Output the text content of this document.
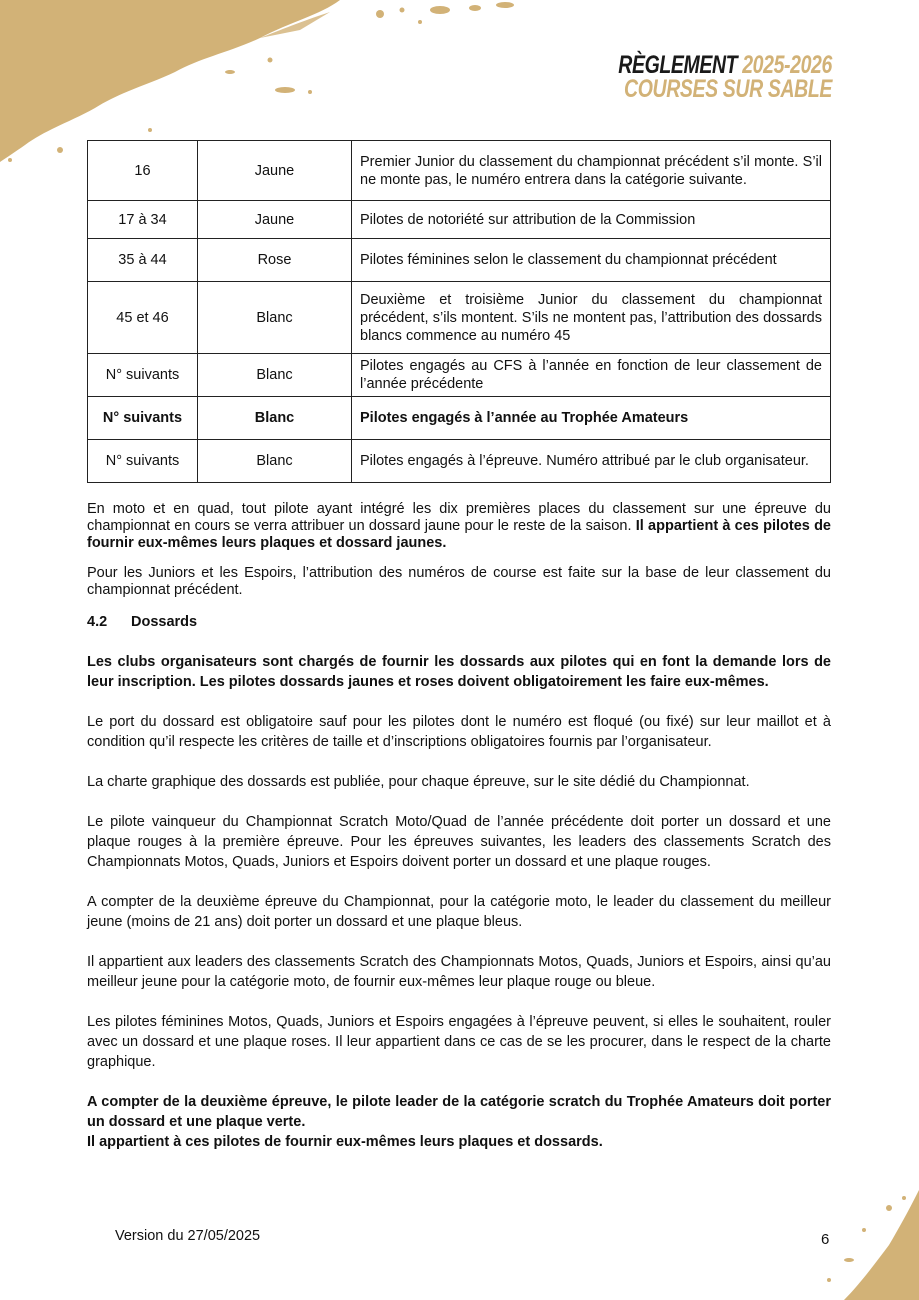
RÈGLEMENT 2025-2026
COURSES SUR SABLE
16	Jaune	Premier Junior du classement du championnat précédent s’il monte. S’il ne monte pas, le numéro entrera dans la catégorie suivante.
17 à 34	Jaune	Pilotes de notoriété sur attribution de la Commission
35 à 44	Rose	Pilotes féminines selon le classement du championnat précédent
45 et 46	Blanc	Deuxième et troisième Junior du classement du championnat précédent, s’ils montent. S’ils ne montent pas, l’attribution des dossards blancs commence au numéro 45
N° suivants	Blanc	Pilotes engagés au CFS à l’année en fonction de leur classement de l’année précédente
N° suivants	Blanc	Pilotes engagés à l’année au Trophée Amateurs
N° suivants	Blanc	Pilotes engagés à l’épreuve. Numéro attribué par le club organisateur.

En moto et en quad, tout pilote ayant intégré les dix premières places du classement sur une épreuve du championnat en cours se verra attribuer un dossard jaune pour le reste de la saison. Il appartient à ces pilotes de fournir eux-mêmes leurs plaques et dossard jaunes.

Pour les Juniors et les Espoirs, l’attribution des numéros de course est faite sur la base de leur classement du championnat précédent.

4.2 Dossards

Les clubs organisateurs sont chargés de fournir les dossards aux pilotes qui en font la demande lors de leur inscription. Les pilotes dossards jaunes et roses doivent obligatoirement les faire eux-mêmes.

Le port du dossard est obligatoire sauf pour les pilotes dont le numéro est floqué (ou fixé) sur leur maillot et à condition qu’il respecte les critères de taille et d’inscriptions obligatoires fournis par l’organisateur.

La charte graphique des dossards est publiée, pour chaque épreuve, sur le site dédié du Championnat.

Le pilote vainqueur du Championnat Scratch Moto/Quad de l’année précédente doit porter un dossard et une plaque rouges à la première épreuve. Pour les épreuves suivantes, les leaders des classements Scratch des Championnats Motos, Quads, Juniors et Espoirs doivent porter un dossard et une plaque rouges.

A compter de la deuxième épreuve du Championnat, pour la catégorie moto, le leader du classement du meilleur jeune (moins de 21 ans) doit porter un dossard et une plaque bleus.

Il appartient aux leaders des classements Scratch des Championnats Motos, Quads, Juniors et Espoirs, ainsi qu’au meilleur jeune pour la catégorie moto, de fournir eux-mêmes leur plaque rouge ou bleue.

Les pilotes féminines Motos, Quads, Juniors et Espoirs engagées à l’épreuve peuvent, si elles le souhaitent, rouler avec un dossard et une plaque roses. Il leur appartient dans ce cas de se les procurer, dans le respect de la charte graphique.

A compter de la deuxième épreuve, le pilote leader de la catégorie scratch du Trophée Amateurs doit porter un dossard et une plaque verte.
Il appartient à ces pilotes de fournir eux-mêmes leurs plaques et dossards.

Version du 27/05/2025	6
